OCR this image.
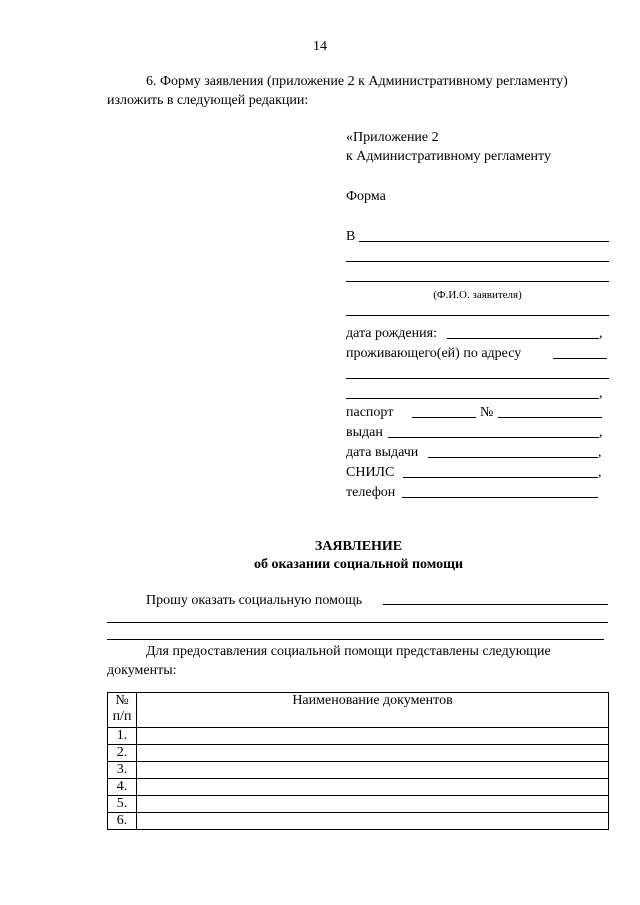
14
6. Форму заявления (приложение 2 к Административному регламенту)
изложить в следующей редакции:
«Приложение 2
к Административному регламенту
Форма
В
(Ф.И.О. заявителя)
дата рождения:	,
проживающего(ей) по адресу
,
паспорт	№
выдан	,
дата выдачи	,
СНИЛС	,
телефон
ЗАЯВЛЕНИЕ
об оказании социальной помощи
Прошу оказать социальную помощь
Для предоставления социальной помощи представлены следующие
документы:
№
п/п	Наименование документов
1.	
2.	
3.	
4.	
5.	
6.	
